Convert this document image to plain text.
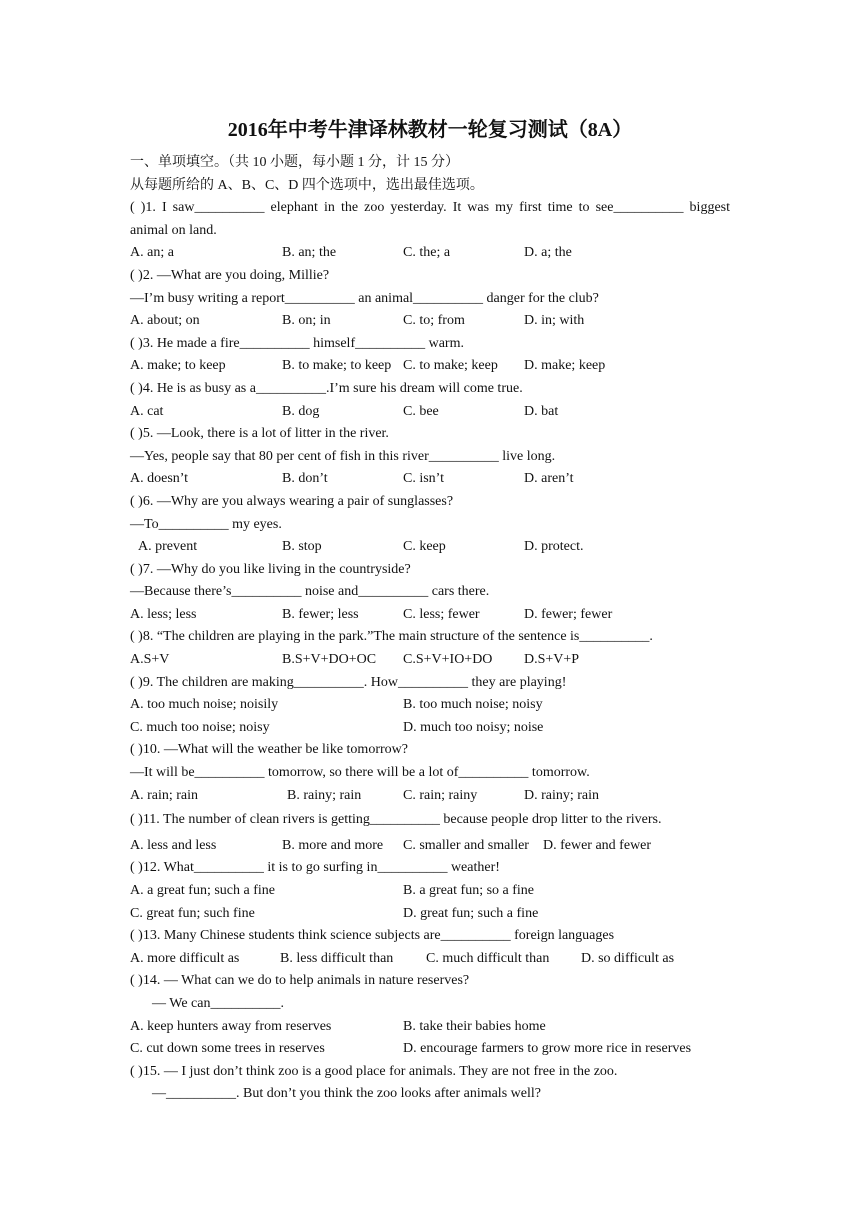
2016年中考牛津译林教材一轮复习测试（8A）
一、单项填空。（共 10 小题，每小题 1 分，计 15 分）
从每题所给的 A、B、C、D 四个选项中，选出最佳选项。
( )1. I saw__________ elephant in the zoo yesterday. It was my first time to see__________ biggest animal on land.
A. an; a	B. an; the	C. the; a	D. a; the
( )2. —What are you doing, Millie?
—I’m busy writing a report__________ an animal__________ danger for the club?
A. about; on	B. on; in	C. to; from	D. in; with
( )3. He made a fire__________ himself__________ warm.
A. make; to keep	B. to make; to keep C. to make; keep D. make; keep
( )4. He is as busy as a__________.I’m sure his dream will come true.
A. cat	B. dog	C. bee	D. bat
( )5. —Look, there is a lot of litter in the river.
—Yes, people say that 80 per cent of fish in this river__________ live long.
A. doesn’t	B. don’t	C. isn’t	D. aren’t
( )6. —Why are you always wearing a pair of sunglasses?
—To__________ my eyes.
A. prevent	B. stop	C. keep	D. protect.
( )7. —Why do you like living in the countryside?
—Because there’s__________ noise and__________ cars there.
A. less; less	B. fewer; less	C. less; fewer	D. fewer; fewer
( )8. “The children are playing in the park.”The main structure of the sentence is__________.
A.S+V	B.S+V+DO+OC C.S+V+IO+DO D.S+V+P
( )9. The children are making__________. How__________ they are playing!
A. too much noise; noisily	B. too much noise; noisy
C. much too noise; noisy	D. much too noisy; noise
( )10. —What will the weather be like tomorrow?
—It will be__________ tomorrow, so there will be a lot of__________ tomorrow.
A. rain; rain	B. rainy; rain	C. rain; rainy	D. rainy; rain
( )11. The number of clean rivers is getting__________ because people drop litter to the rivers.
A. less and less	B. more and more C. smaller and smaller D. fewer and fewer
( )12. What__________ it is to go surfing in__________ weather!
A. a great fun; such a fine	B. a great fun; so a fine
C. great fun; such fine	D. great fun; such a fine
( )13. Many Chinese students think science subjects are__________ foreign languages
A. more difficult as	B. less difficult than C. much difficult than D. so difficult as
( )14. — What can we do to help animals in nature reserves?
— We can__________.
A. keep hunters away from reserves	B. take their babies home
C. cut down some trees in reserves	D. encourage farmers to grow more rice in reserves
( )15. — I just don’t think zoo is a good place for animals. They are not free in the zoo.
—__________. But don’t you think the zoo looks after animals well?
